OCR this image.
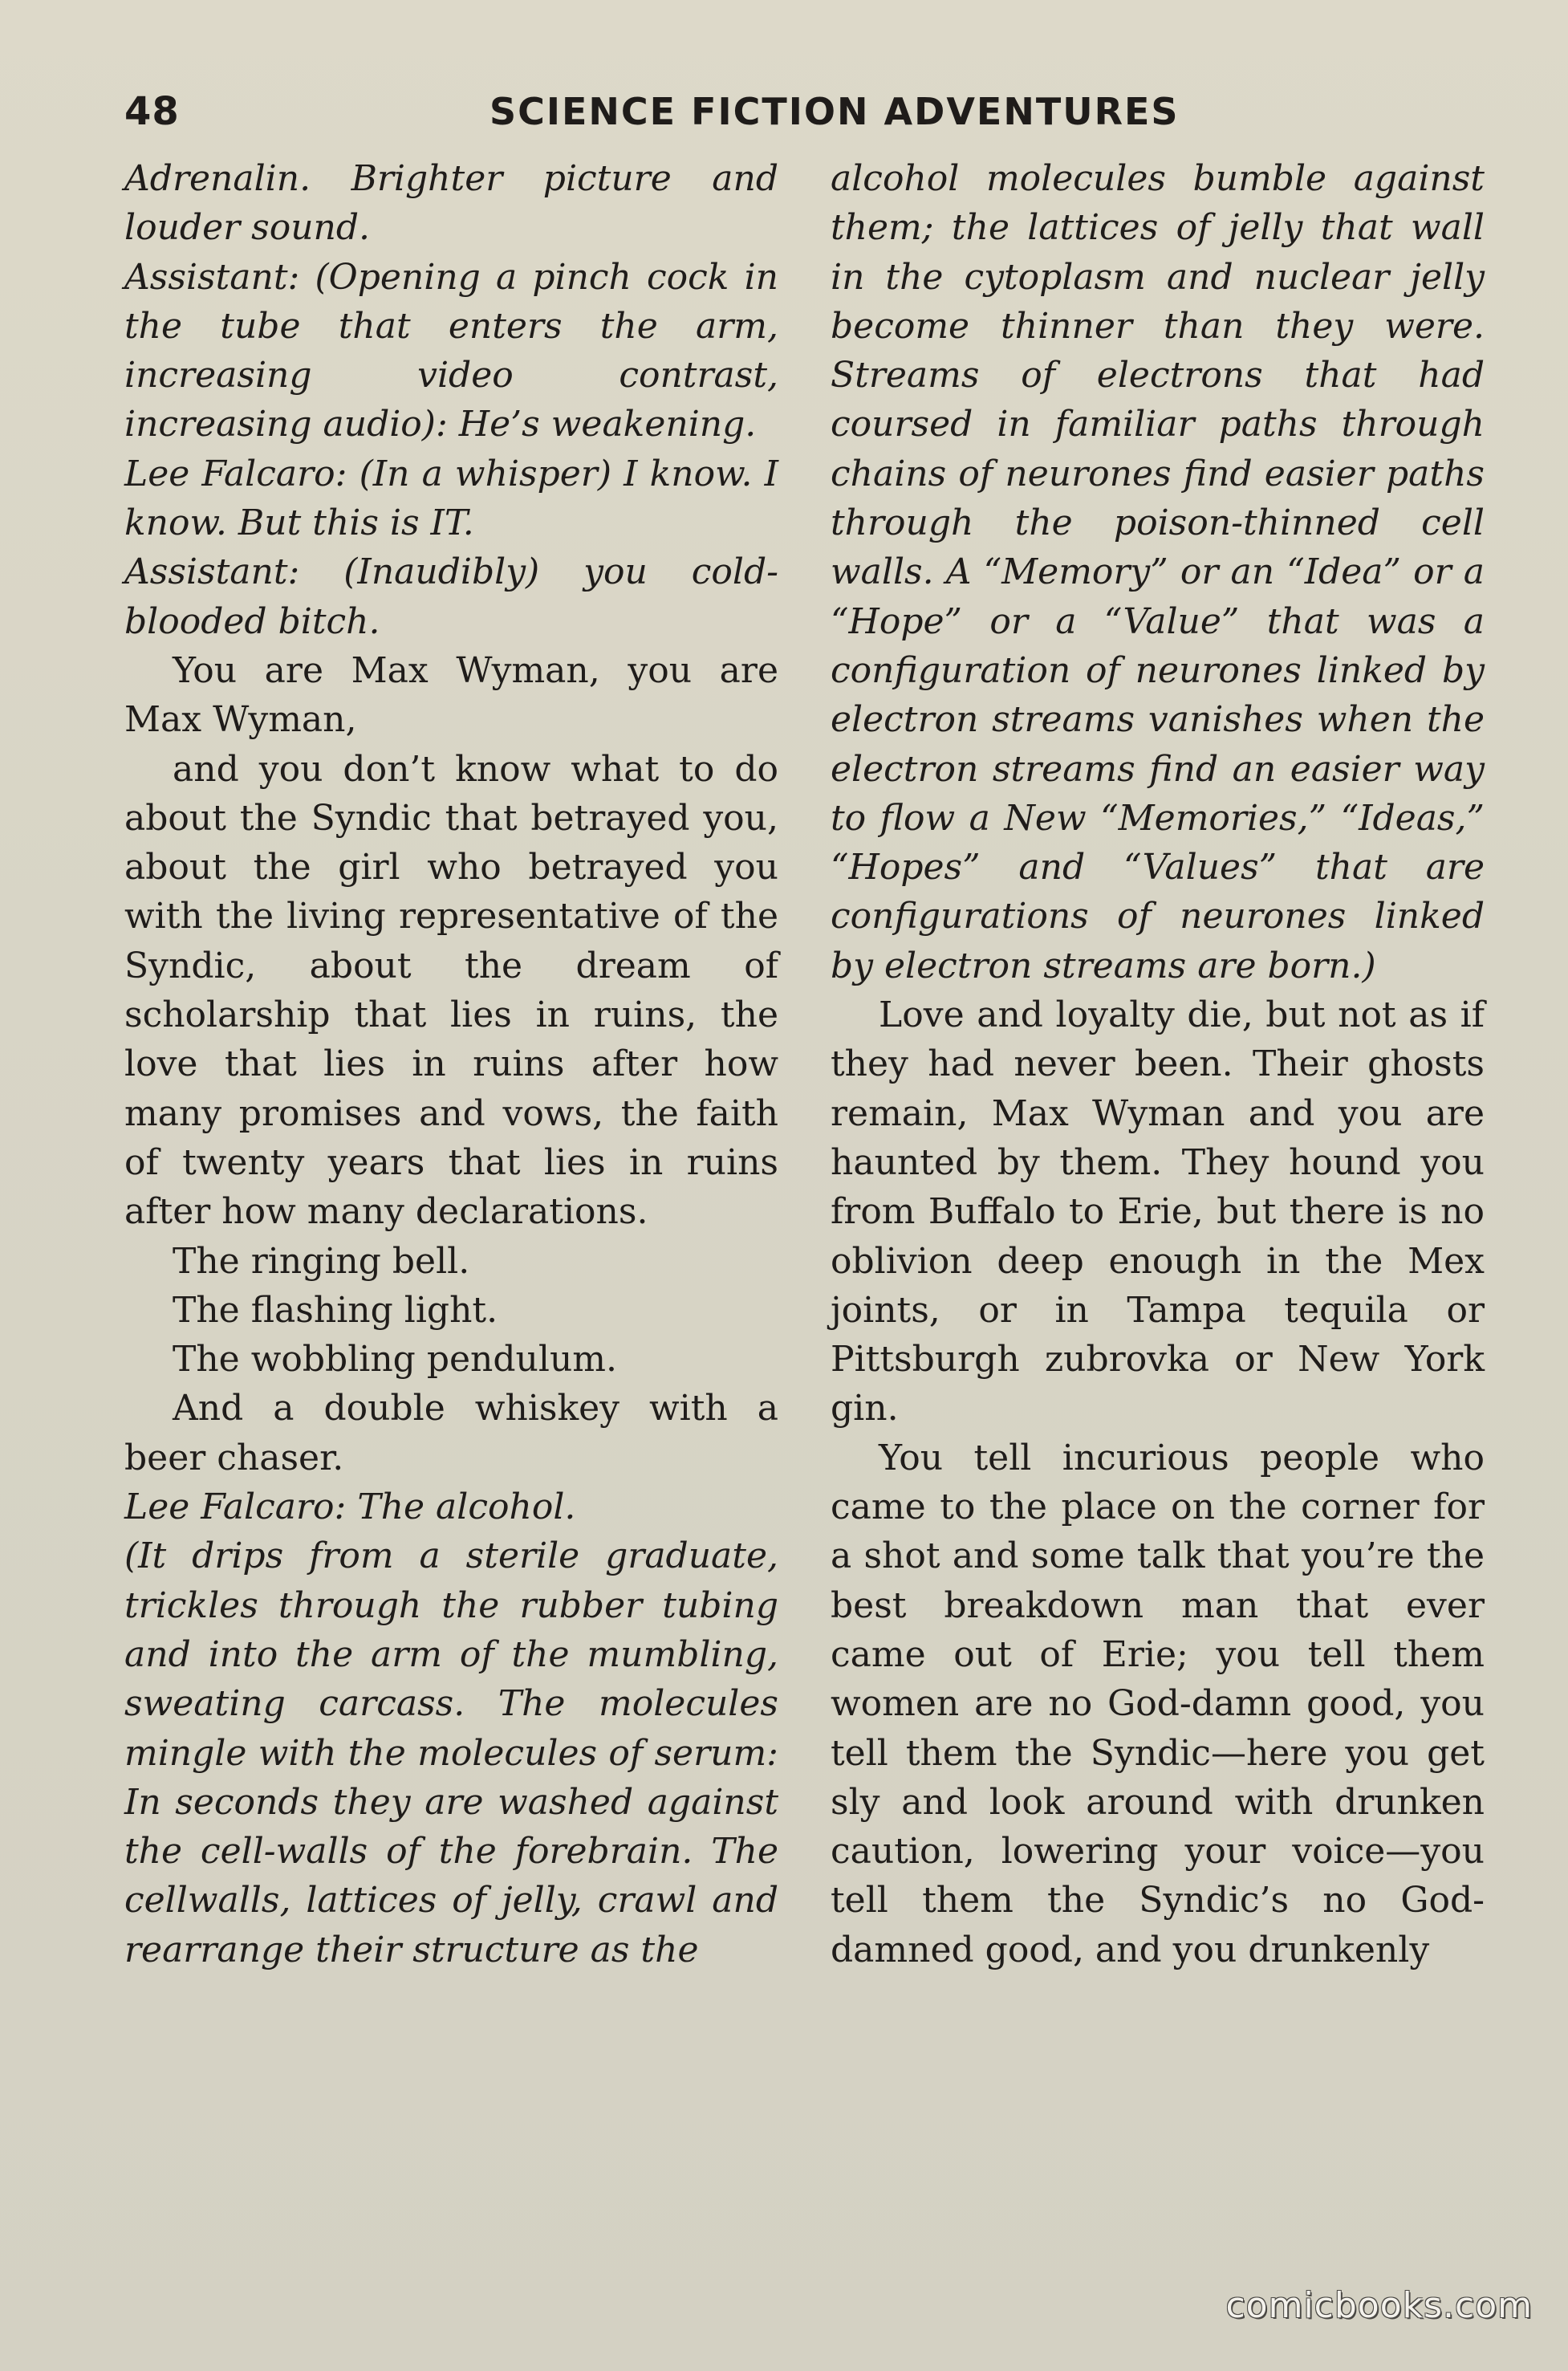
48	SCIENCE FICTION ADVENTURES

Adrenalin. Brighter picture and louder sound.

Assistant: (Opening a pinch cock in the tube that enters the arm, increasing video contrast, increasing audio): He’s weakening.

Lee Falcaro: (In a whisper) I know. I know. But this is IT.

Assistant: (Inaudibly) you cold-blooded bitch.

You are Max Wyman, you are Max Wyman,

and you don’t know what to do about the Syndic that betrayed you, about the girl who betrayed you with the living representative of the Syndic, about the dream of scholarship that lies in ruins, the love that lies in ruins after how many promises and vows, the faith of twenty years that lies in ruins after how many declarations.

The ringing bell.

The flashing light.

The wobbling pendulum.

And a double whiskey with a beer chaser.

Lee Falcaro: The alcohol.

(It drips from a sterile graduate, trickles through the rubber tubing and into the arm of the mumbling, sweating carcass. The molecules mingle with the molecules of serum: In seconds they are washed against the cell-walls of the forebrain. The cellwalls, lattices of jelly, crawl and rearrange their structure as the

alcohol molecules bumble against them; the lattices of jelly that wall in the cytoplasm and nuclear jelly become thinner than they were. Streams of electrons that had coursed in familiar paths through chains of neurones find easier paths through the poison-thinned cell walls. A “Memory” or an “Idea” or a “Hope” or a “Value” that was a configuration of neurones linked by electron streams vanishes when the electron streams find an easier way to flow a New “Memories,” “Ideas,” “Hopes” and “Values” that are configurations of neurones linked by electron streams are born.)

Love and loyalty die, but not as if they had never been. Their ghosts remain, Max Wyman and you are haunted by them. They hound you from Buffalo to Erie, but there is no oblivion deep enough in the Mex joints, or in Tampa tequila or Pittsburgh zubrovka or New York gin.

You tell incurious people who came to the place on the corner for a shot and some talk that you’re the best breakdown man that ever came out of Erie; you tell them women are no God-damn good, you tell them the Syndic—here you get sly and look around with drunken caution, lowering your voice—you tell them the Syndic’s no God-damned good, and you drunkenly

comicbooks.com
